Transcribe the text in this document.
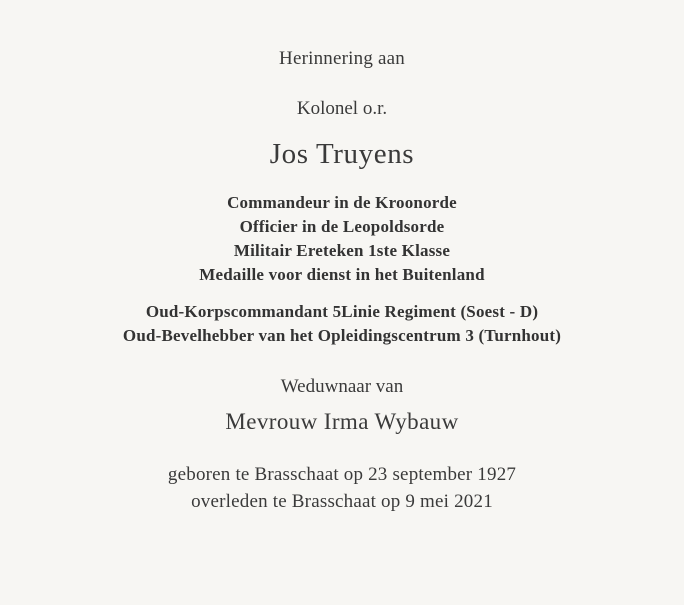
Herinnering aan
Kolonel o.r.
Jos Truyens
Commandeur in de Kroonorde
Officier in de Leopoldsorde
Militair Ereteken 1ste Klasse
Medaille voor dienst in het Buitenland
Oud-Korpscommandant 5Linie Regiment (Soest - D)
Oud-Bevelhebber van het Opleidingscentrum 3 (Turnhout)
Weduwnaar van
Mevrouw Irma Wybauw
geboren te Brasschaat op 23 september 1927
overleden te Brasschaat op 9 mei 2021
